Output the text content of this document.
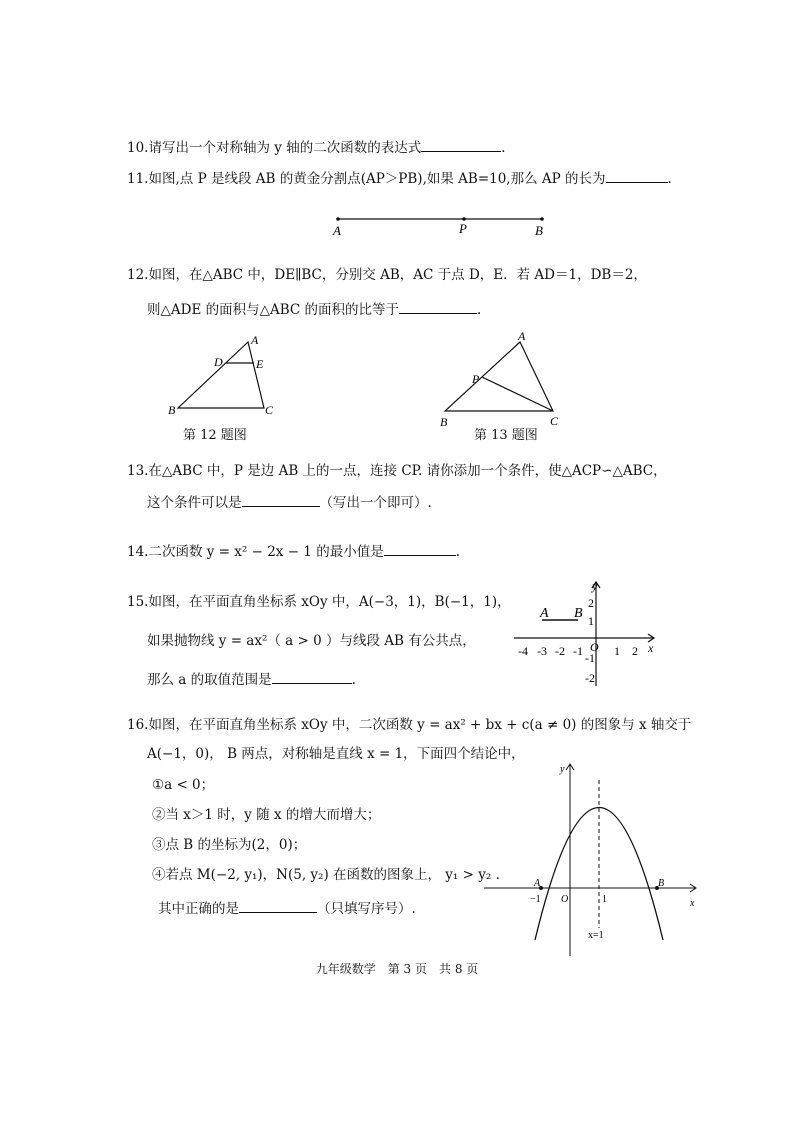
10.请写出一个对称轴为 y 轴的二次函数的表达式	.
11.如图,点 P 是线段 AB 的黄金分割点(AP＞PB),如果 AB=10,那么 AP 的长为	.
A	P	B
12.如图，在△ABC 中，DE∥BC，分别交 AB，AC 于点 D，E．若 AD＝1，DB＝2，
则△ADE 的面积与△ABC 的面积的比等于	.
A
D	E
B	C
第 12 题图
A
P
B	C
第 13 题图
13.在△ABC 中，P 是边 AB 上的一点，连接 CP. 请你添加一个条件，使△ACP∽△ABC，
这个条件可以是	（写出一个即可）.
14.二次函数 y = x² − 2x − 1 的最小值是	.
15.如图，在平面直角坐标系 xOy 中，A(−3，1)，B(−1，1)，
如果抛物线 y = ax²（ a > 0 ）与线段 AB 有公共点，
那么 a 的取值范围是	.
y
x
O
A B
-4 -3 -2 -1	1 2
2
1
-1
-2
16.如图，在平面直角坐标系 xOy 中，二次函数 y = ax² + bx + c(a ≠ 0) 的图象与 x 轴交于
A(−1，0)， B 两点，对称轴是直线 x = 1，下面四个结论中，
①a < 0；
②当 x＞1 时，y 随 x 的增大而增大；
③点 B 的坐标为(2，0)；
④若点 M(−2, y₁)，N(5, y₂) 在函数的图象上， y₁ > y₂ .
其中正确的是	（只填写序号）.
y
x
O
A	B
−1	1
x=1
九年级数学　第 3 页　共 8 页
